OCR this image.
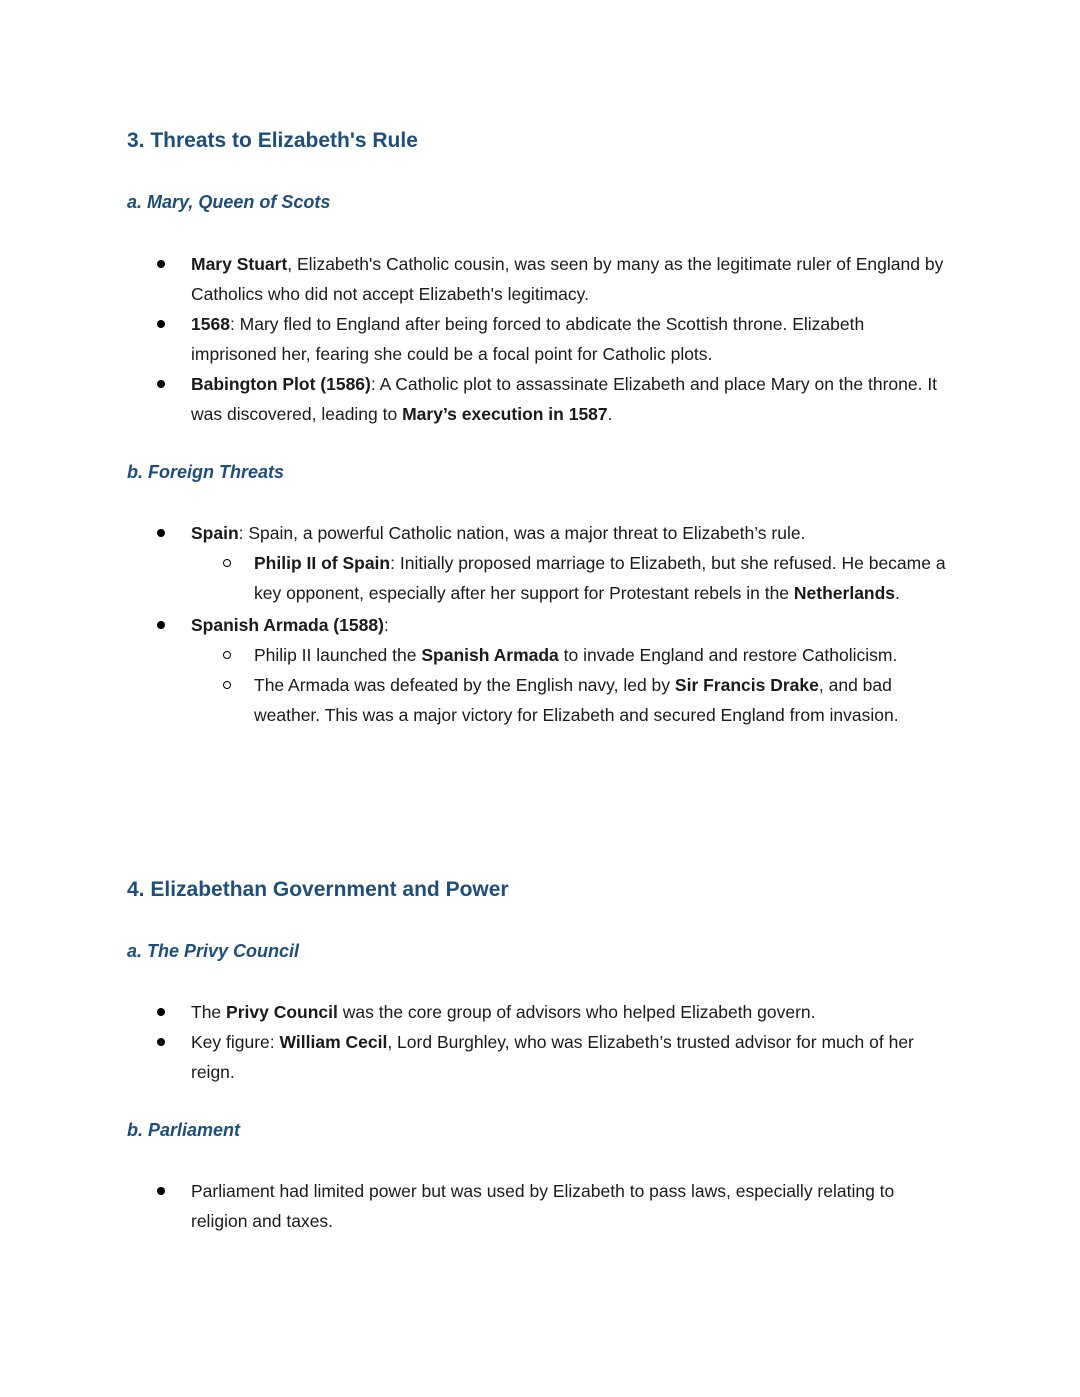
3. Threats to Elizabeth's Rule
a. Mary, Queen of Scots
Mary Stuart, Elizabeth's Catholic cousin, was seen by many as the legitimate ruler of England by Catholics who did not accept Elizabeth's legitimacy.
1568: Mary fled to England after being forced to abdicate the Scottish throne. Elizabeth imprisoned her, fearing she could be a focal point for Catholic plots.
Babington Plot (1586): A Catholic plot to assassinate Elizabeth and place Mary on the throne. It was discovered, leading to Mary’s execution in 1587.
b. Foreign Threats
Spain: Spain, a powerful Catholic nation, was a major threat to Elizabeth’s rule.
Philip II of Spain: Initially proposed marriage to Elizabeth, but she refused. He became a key opponent, especially after her support for Protestant rebels in the Netherlands.
Spanish Armada (1588):
Philip II launched the Spanish Armada to invade England and restore Catholicism.
The Armada was defeated by the English navy, led by Sir Francis Drake, and bad weather. This was a major victory for Elizabeth and secured England from invasion.
4. Elizabethan Government and Power
a. The Privy Council
The Privy Council was the core group of advisors who helped Elizabeth govern.
Key figure: William Cecil, Lord Burghley, who was Elizabeth’s trusted advisor for much of her reign.
b. Parliament
Parliament had limited power but was used by Elizabeth to pass laws, especially relating to religion and taxes.
